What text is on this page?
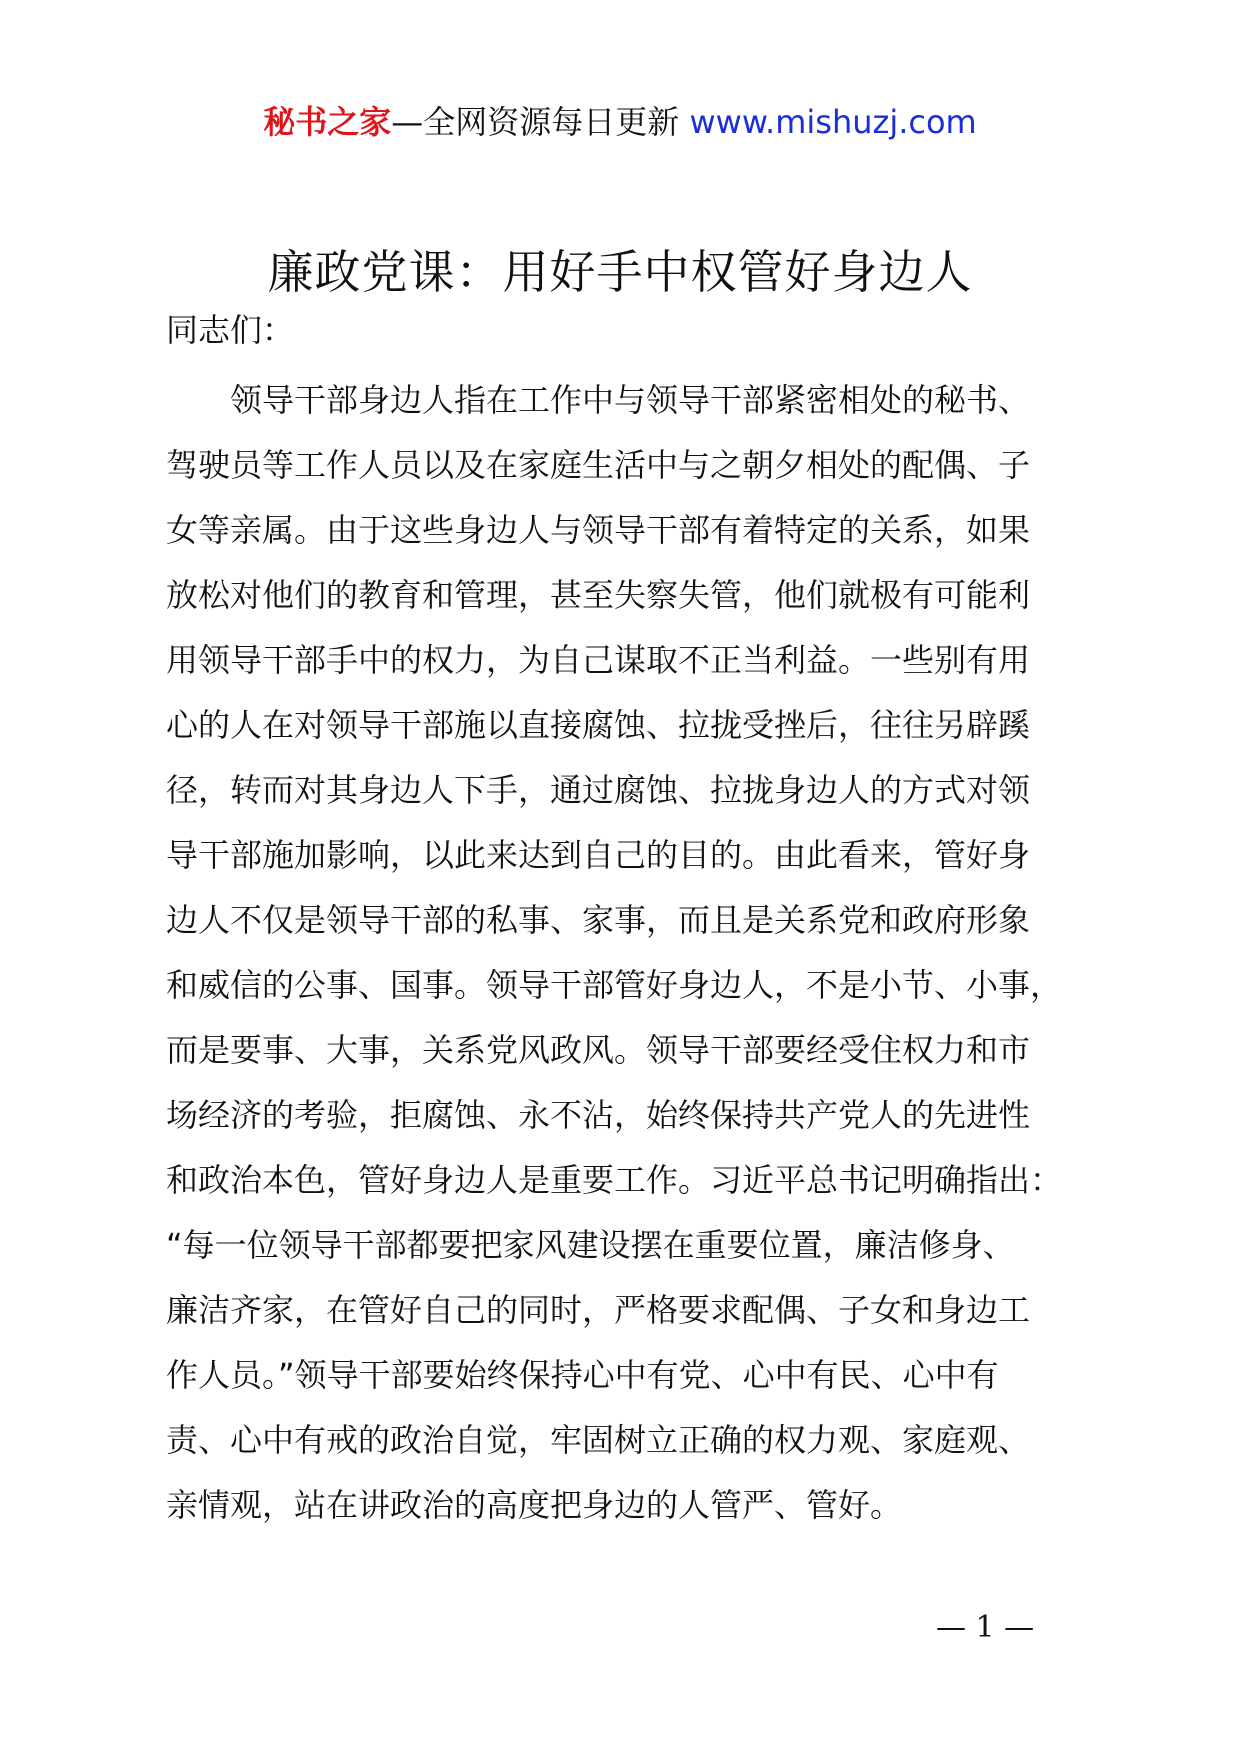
秘书之家—全网资源每日更新 www.mishuzj.com
廉政党课：用好手中权管好身边人

同志们：

　　领导干部身边人指在工作中与领导干部紧密相处的秘书、
驾驶员等工作人员以及在家庭生活中与之朝夕相处的配偶、子
女等亲属。由于这些身边人与领导干部有着特定的关系，如果
放松对他们的教育和管理，甚至失察失管，他们就极有可能利
用领导干部手中的权力，为自己谋取不正当利益。一些别有用
心的人在对领导干部施以直接腐蚀、拉拢受挫后，往往另辟蹊
径，转而对其身边人下手，通过腐蚀、拉拢身边人的方式对领
导干部施加影响，以此来达到自己的目的。由此看来，管好身
边人不仅是领导干部的私事、家事，而且是关系党和政府形象
和威信的公事、国事。领导干部管好身边人，不是小节、小事，
而是要事、大事，关系党风政风。领导干部要经受住权力和市
场经济的考验，拒腐蚀、永不沾，始终保持共产党人的先进性
和政治本色，管好身边人是重要工作。习近平总书记明确指出：
“每一位领导干部都要把家风建设摆在重要位置，廉洁修身、
廉洁齐家，在管好自己的同时，严格要求配偶、子女和身边工
作人员。”领导干部要始终保持心中有党、心中有民、心中有
责、心中有戒的政治自觉，牢固树立正确的权力观、家庭观、
亲情观，站在讲政治的高度把身边的人管严、管好。
— 1 —
